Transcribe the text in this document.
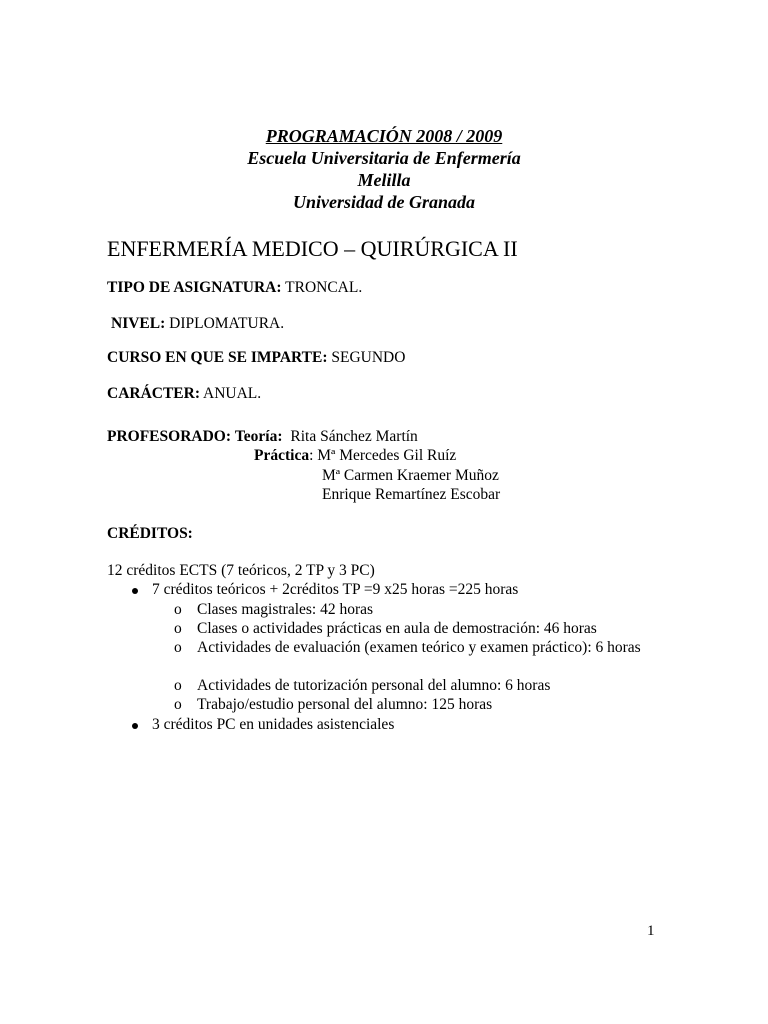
PROGRAMACIÓN 2008 / 2009
Escuela Universitaria de Enfermería
Melilla
Universidad de Granada
ENFERMERÍA MEDICO – QUIRÚRGICA II
TIPO DE ASIGNATURA: TRONCAL.
NIVEL: DIPLOMATURA.
CURSO EN QUE SE IMPARTE: SEGUNDO
CARÁCTER: ANUAL.
PROFESORADO: Teoría: Rita Sánchez Martín
Práctica: Mª Mercedes Gil Ruíz
Mª Carmen Kraemer Muñoz
Enrique Remartínez Escobar
CRÉDITOS:
12 créditos ECTS (7 teóricos, 2 TP y 3 PC)
7 créditos teóricos + 2créditos TP =9 x25 horas =225 horas
o Clases magistrales: 42 horas
o Clases o actividades prácticas en aula de demostración: 46 horas
o Actividades de evaluación (examen teórico y examen práctico): 6 horas
o Actividades de tutorización personal del alumno: 6 horas
o Trabajo/estudio personal del alumno: 125 horas
3 créditos PC en unidades asistenciales
1
